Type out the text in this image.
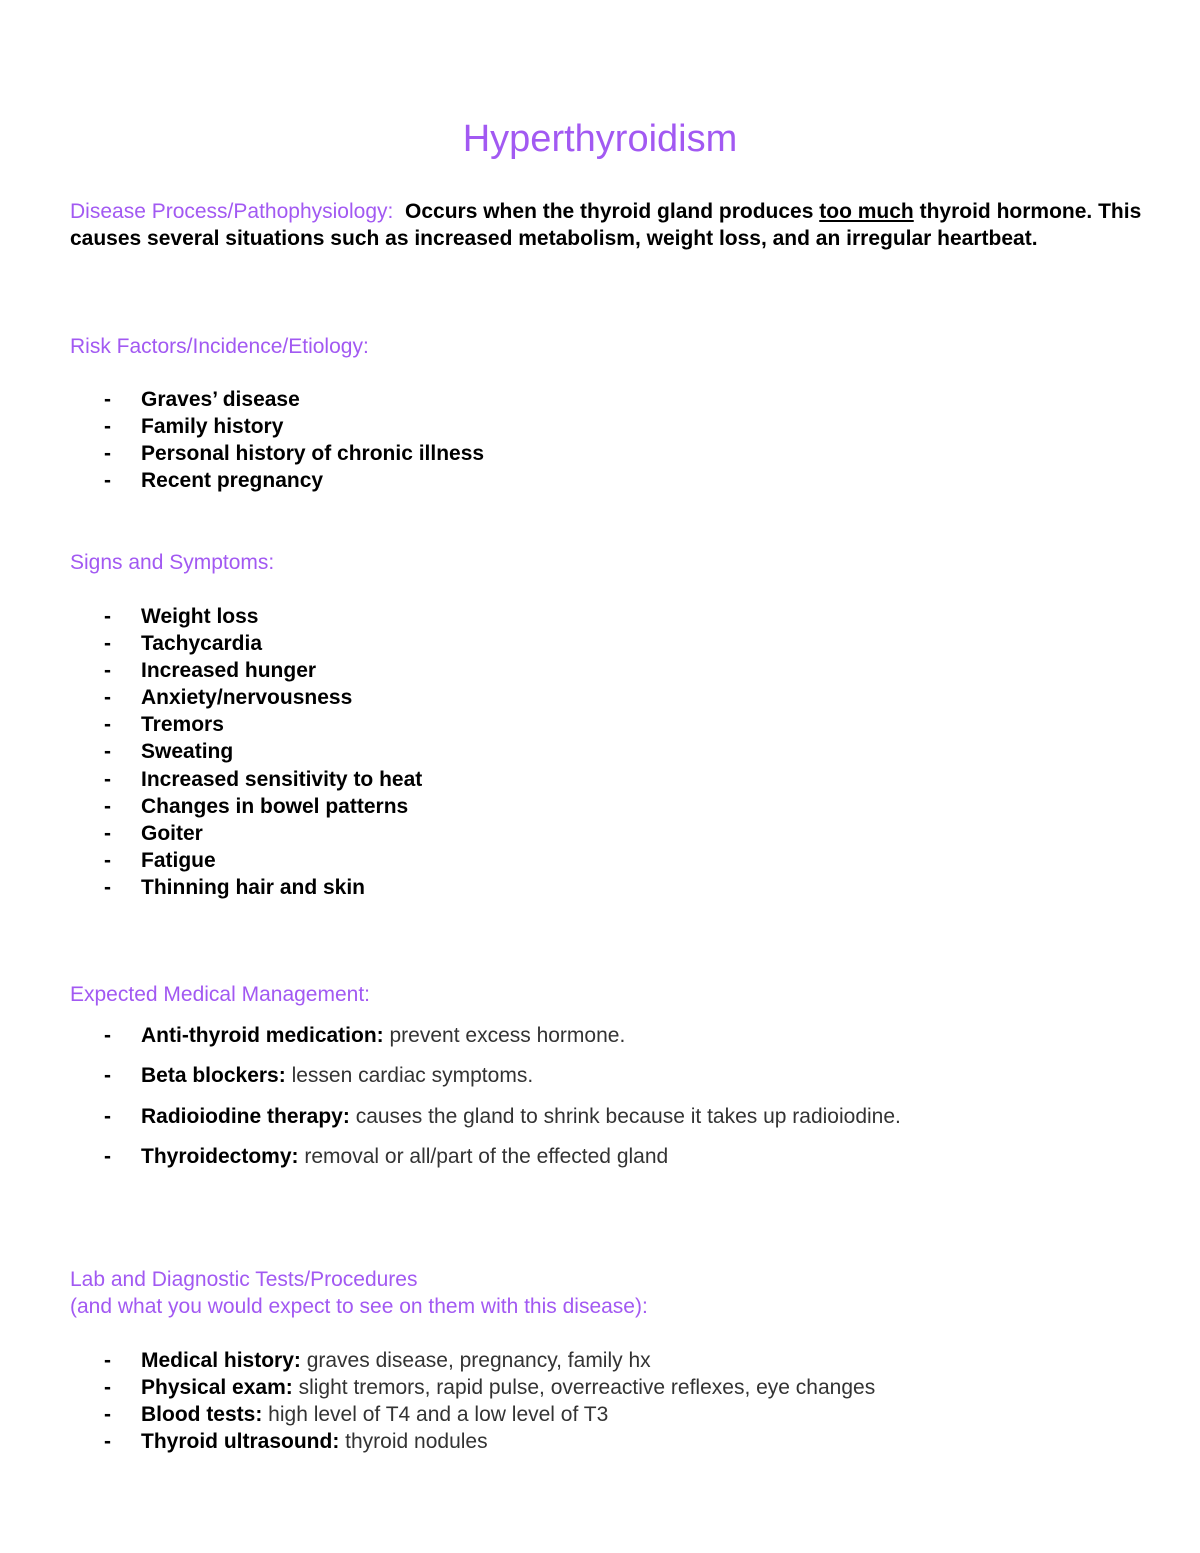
Hyperthyroidism
Disease Process/Pathophysiology: Occurs when the thyroid gland produces too much thyroid hormone. This causes several situations such as increased metabolism, weight loss, and an irregular heartbeat.
Risk Factors/Incidence/Etiology:
- Graves’ disease
- Family history
- Personal history of chronic illness
- Recent pregnancy
Signs and Symptoms:
- Weight loss
- Tachycardia
- Increased hunger
- Anxiety/nervousness
- Tremors
- Sweating
- Increased sensitivity to heat
- Changes in bowel patterns
- Goiter
- Fatigue
- Thinning hair and skin
Expected Medical Management:
- Anti-thyroid medication: prevent excess hormone.
- Beta blockers: lessen cardiac symptoms.
- Radioiodine therapy: causes the gland to shrink because it takes up radioiodine.
- Thyroidectomy: removal or all/part of the effected gland
Lab and Diagnostic Tests/Procedures
(and what you would expect to see on them with this disease):
- Medical history: graves disease, pregnancy, family hx
- Physical exam: slight tremors, rapid pulse, overreactive reflexes, eye changes
- Blood tests: high level of T4 and a low level of T3
- Thyroid ultrasound: thyroid nodules
